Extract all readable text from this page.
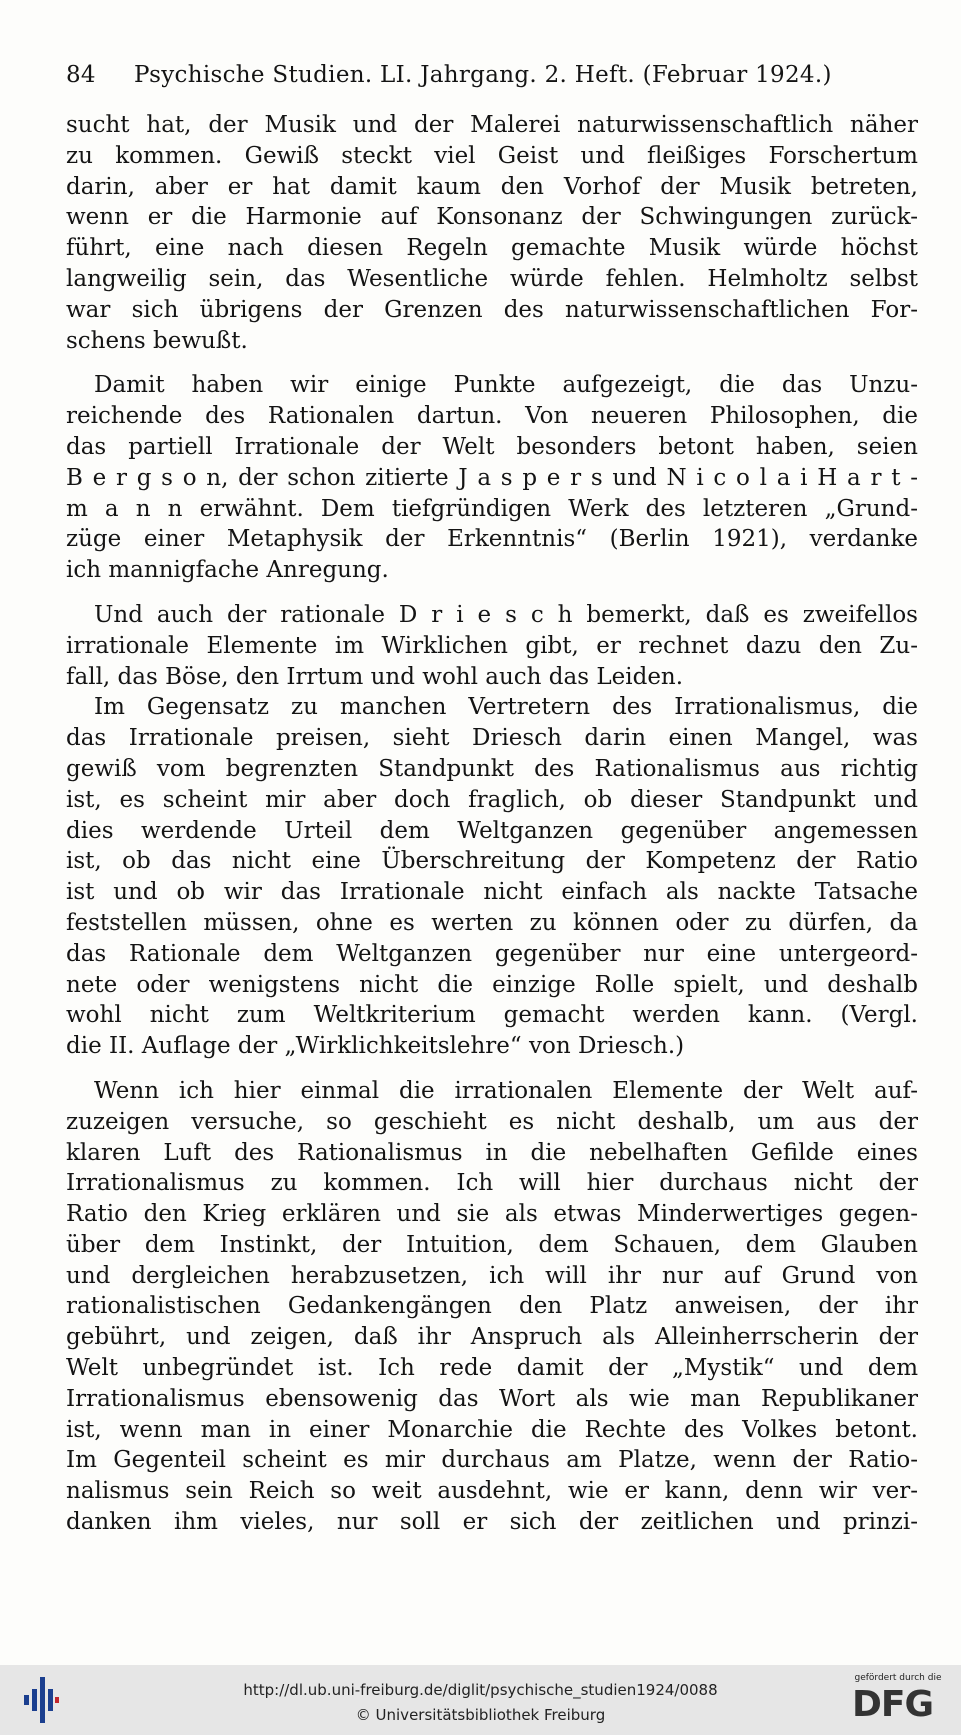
84 Psychische Studien. LI. Jahrgang. 2. Heft. (Februar 1924.)
sucht hat, der Musik und der Malerei naturwissenschaftlich näher
zu kommen. Gewiß steckt viel Geist und fleißiges Forschertum
darin, aber er hat damit kaum den Vorhof der Musik betreten,
wenn er die Harmonie auf Konsonanz der Schwingungen zurück-
führt, eine nach diesen Regeln gemachte Musik würde höchst
langweilig sein, das Wesentliche würde fehlen. Helmholtz selbst
war sich übrigens der Grenzen des naturwissenschaftlichen For-
schens bewußt.
Damit haben wir einige Punkte aufgezeigt, die das Unzu-
reichende des Rationalen dartun. Von neueren Philosophen, die
das partiell Irrationale der Welt besonders betont haben, seien
B e r g s o n, der schon zitierte J a s p e r s und N i c o l a i H a r t -
m a n n erwähnt. Dem tiefgründigen Werk des letzteren „Grund-
züge einer Metaphysik der Erkenntnis“ (Berlin 1921), verdanke
ich mannigfache Anregung.
Und auch der rationale D r i e s c h bemerkt, daß es zweifellos
irrationale Elemente im Wirklichen gibt, er rechnet dazu den Zu-
fall, das Böse, den Irrtum und wohl auch das Leiden.
Im Gegensatz zu manchen Vertretern des Irrationalismus, die
das Irrationale preisen, sieht Driesch darin einen Mangel, was
gewiß vom begrenzten Standpunkt des Rationalismus aus richtig
ist, es scheint mir aber doch fraglich, ob dieser Standpunkt und
dies werdende Urteil dem Weltganzen gegenüber angemessen
ist, ob das nicht eine Überschreitung der Kompetenz der Ratio
ist und ob wir das Irrationale nicht einfach als nackte Tatsache
feststellen müssen, ohne es werten zu können oder zu dürfen, da
das Rationale dem Weltganzen gegenüber nur eine untergeord-
nete oder wenigstens nicht die einzige Rolle spielt, und deshalb
wohl nicht zum Weltkriterium gemacht werden kann. (Vergl.
die II. Auflage der „Wirklichkeitslehre“ von Driesch.)
Wenn ich hier einmal die irrationalen Elemente der Welt auf-
zuzeigen versuche, so geschieht es nicht deshalb, um aus der
klaren Luft des Rationalismus in die nebelhaften Gefilde eines
Irrationalismus zu kommen. Ich will hier durchaus nicht der
Ratio den Krieg erklären und sie als etwas Minderwertiges gegen-
über dem Instinkt, der Intuition, dem Schauen, dem Glauben
und dergleichen herabzusetzen, ich will ihr nur auf Grund von
rationalistischen Gedankengängen den Platz anweisen, der ihr
gebührt, und zeigen, daß ihr Anspruch als Alleinherrscherin der
Welt unbegründet ist. Ich rede damit der „Mystik“ und dem
Irrationalismus ebensowenig das Wort als wie man Republikaner
ist, wenn man in einer Monarchie die Rechte des Volkes betont.
Im Gegenteil scheint es mir durchaus am Platze, wenn der Ratio-
nalismus sein Reich so weit ausdehnt, wie er kann, denn wir ver-
danken ihm vieles, nur soll er sich der zeitlichen und prinzi-
http://dl.ub.uni-freiburg.de/diglit/psychische_studien1924/0088
© Universitätsbibliothek Freiburg
gefördert durch die
DFG
